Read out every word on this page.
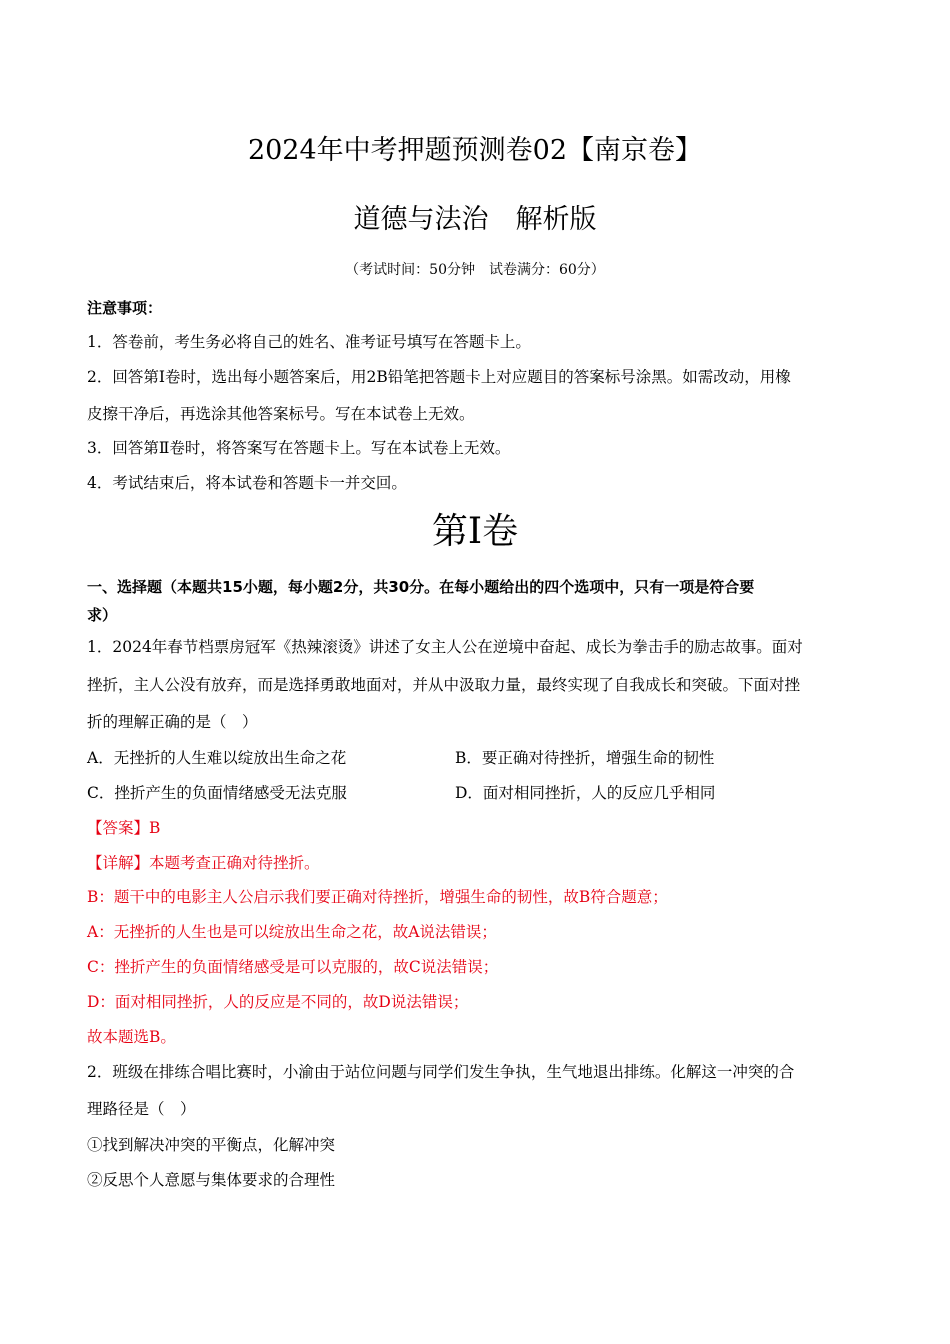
2024年中考押题预测卷02【南京卷】
道德与法治　解析版
（考试时间：50分钟　试卷满分：60分）
注意事项：
1．答卷前，考生务必将自己的姓名、准考证号填写在答题卡上。
2．回答第Ⅰ卷时，选出每小题答案后，用2B铅笔把答题卡上对应题目的答案标号涂黑。如需改动，用橡
皮擦干净后，再选涂其他答案标号。写在本试卷上无效。
3．回答第Ⅱ卷时，将答案写在答题卡上。写在本试卷上无效。
4．考试结束后，将本试卷和答题卡一并交回。
第Ⅰ卷
一、选择题（本题共15小题，每小题2分，共30分。在每小题给出的四个选项中，只有一项是符合要
求）
1．2024年春节档票房冠军《热辣滚烫》讲述了女主人公在逆境中奋起、成长为拳击手的励志故事。面对
挫折，主人公没有放弃，而是选择勇敢地面对，并从中汲取力量，最终实现了自我成长和突破。下面对挫
折的理解正确的是（　）
A．无挫折的人生难以绽放出生命之花	B．要正确对待挫折，增强生命的韧性
C．挫折产生的负面情绪感受无法克服	D．面对相同挫折，人的反应几乎相同
【答案】B
【详解】本题考查正确对待挫折。
B：题干中的电影主人公启示我们要正确对待挫折，增强生命的韧性，故B符合题意；
A：无挫折的人生也是可以绽放出生命之花，故A说法错误；
C：挫折产生的负面情绪感受是可以克服的，故C说法错误；
D：面对相同挫折，人的反应是不同的，故D说法错误；
故本题选B。
2．班级在排练合唱比赛时，小渝由于站位问题与同学们发生争执，生气地退出排练。化解这一冲突的合
理路径是（　）
①找到解决冲突的平衡点，化解冲突
②反思个人意愿与集体要求的合理性
